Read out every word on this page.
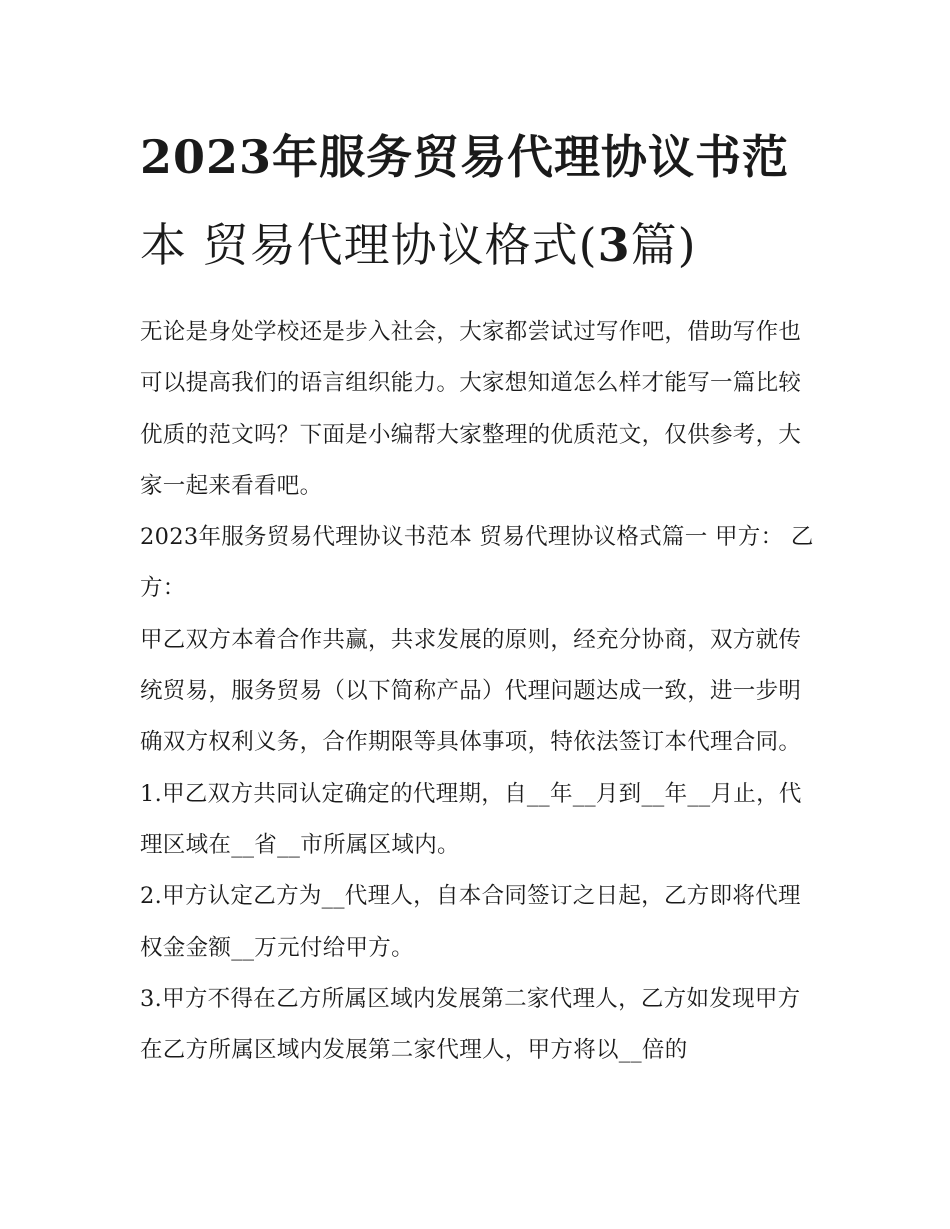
2023年服务贸易代理协议书范
本 贸易代理协议格式(3篇)

无论是身处学校还是步入社会，大家都尝试过写作吧，借助写作也可以提高我们的语言组织能力。大家想知道怎么样才能写一篇比较优质的范文吗？下面是小编帮大家整理的优质范文，仅供参考，大家一起来看看吧。

2023年服务贸易代理协议书范本 贸易代理协议格式篇一 甲方： 乙方：

甲乙双方本着合作共赢，共求发展的原则，经充分协商，双方就传统贸易，服务贸易（以下简称产品）代理问题达成一致，进一步明确双方权利义务，合作期限等具体事项，特依法签订本代理合同。

1.甲乙双方共同认定确定的代理期，自__年__月到__年__月止，代理区域在__省__市所属区域内。

2.甲方认定乙方为__代理人，自本合同签订之日起，乙方即将代理权金金额__万元付给甲方。

3.甲方不得在乙方所属区域内发展第二家代理人，乙方如发现甲方在乙方所属区域内发展第二家代理人，甲方将以__倍的
